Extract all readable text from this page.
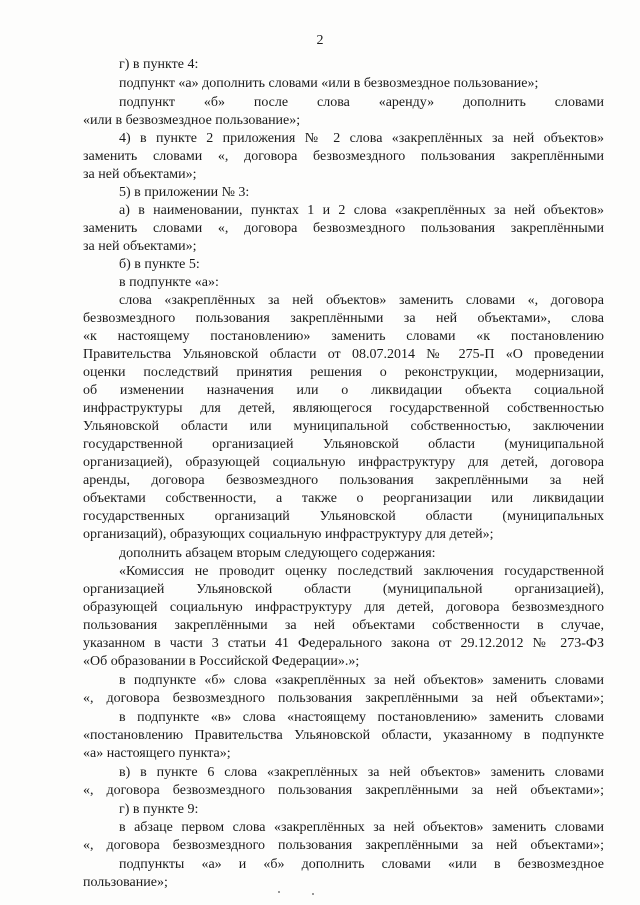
2
г) в пункте 4:
подпункт «а» дополнить словами «или в безвозмездное пользование»;
подпункт «б» после слова «аренду» дополнить словами
«или в безвозмездное пользование»;
4) в пункте 2 приложения № 2 слова «закреплённых за ней объектов»
заменить словами «, договора безвозмездного пользования закреплёнными
за ней объектами»;
5) в приложении № 3:
а) в наименовании, пунктах 1 и 2 слова «закреплённых за ней объектов»
заменить словами «, договора безвозмездного пользования закреплёнными
за ней объектами»;
б) в пункте 5:
в подпункте «а»:
слова «закреплённых за ней объектов» заменить словами «, договора
безвозмездного пользования закреплёнными за ней объектами», слова
«к настоящему постановлению» заменить словами «к постановлению
Правительства Ульяновской области от 08.07.2014 № 275-П «О проведении
оценки последствий принятия решения о реконструкции, модернизации,
об изменении назначения или о ликвидации объекта социальной
инфраструктуры для детей, являющегося государственной собственностью
Ульяновской области или муниципальной собственностью, заключении
государственной организацией Ульяновской области (муниципальной
организацией), образующей социальную инфраструктуру для детей, договора
аренды, договора безвозмездного пользования закреплёнными за ней
объектами собственности, а также о реорганизации или ликвидации
государственных организаций Ульяновской области (муниципальных
организаций), образующих социальную инфраструктуру для детей»;
дополнить абзацем вторым следующего содержания:
«Комиссия не проводит оценку последствий заключения государственной
организацией Ульяновской области (муниципальной организацией),
образующей социальную инфраструктуру для детей, договора безвозмездного
пользования закреплёнными за ней объектами собственности в случае,
указанном в части 3 статьи 41 Федерального закона от 29.12.2012 № 273-ФЗ
«Об образовании в Российской Федерации».»;
в подпункте «б» слова «закреплённых за ней объектов» заменить словами
«, договора безвозмездного пользования закреплёнными за ней объектами»;
в подпункте «в» слова «настоящему постановлению» заменить словами
«постановлению Правительства Ульяновской области, указанному в подпункте
«а» настоящего пункта»;
в) в пункте 6 слова «закреплённых за ней объектов» заменить словами
«, договора безвозмездного пользования закреплёнными за ней объектами»;
г) в пункте 9:
в абзаце первом слова «закреплённых за ней объектов» заменить словами
«, договора безвозмездного пользования закреплёнными за ней объектами»;
подпункты «а» и «б» дополнить словами «или в безвозмездное
пользование»;
